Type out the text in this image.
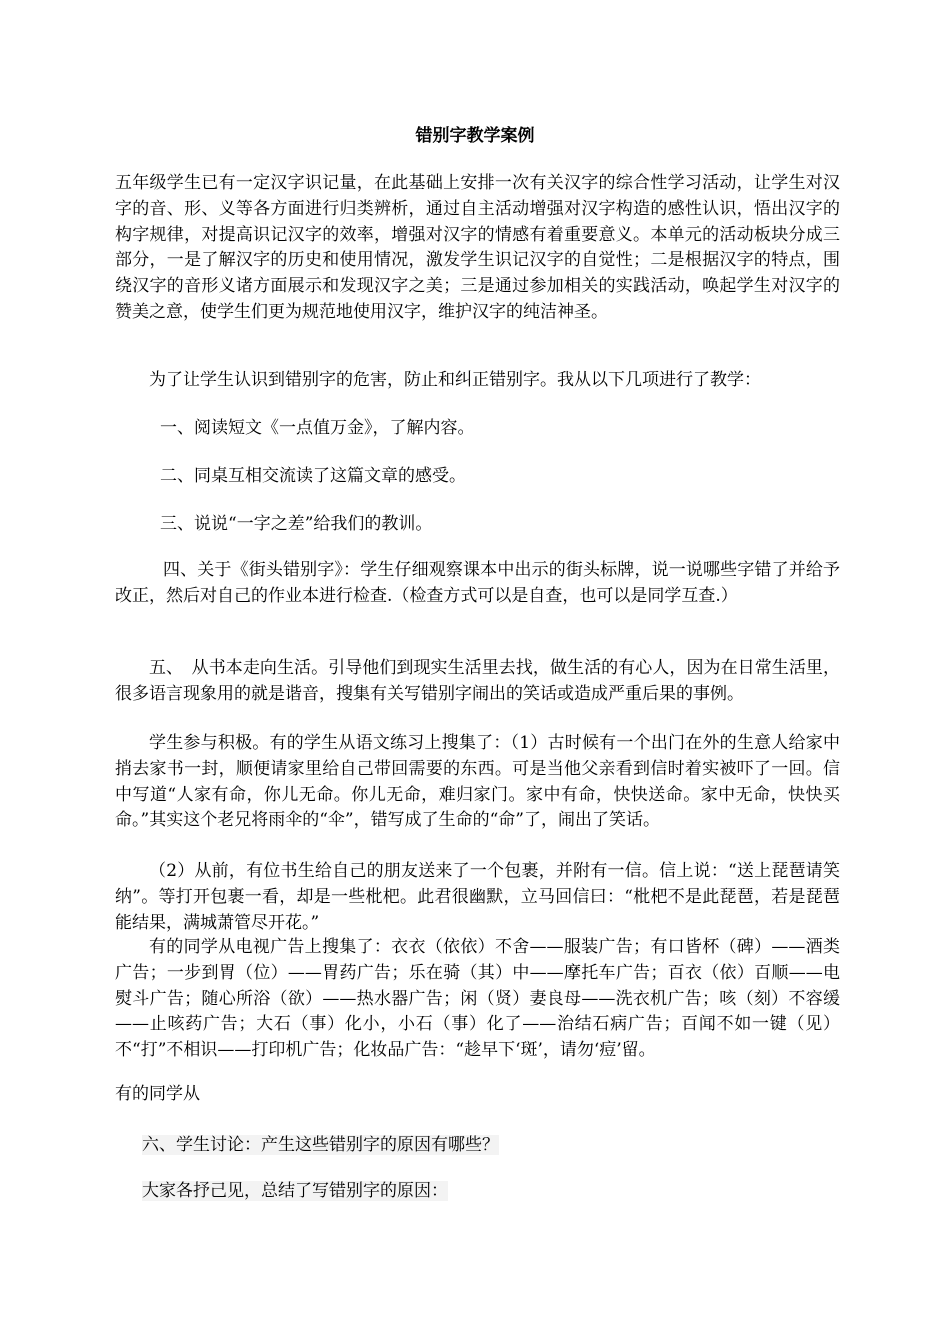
错别字教学案例

五年级学生已有一定汉字识记量，在此基础上安排一次有关汉字的综合性学习活动，让学生对汉字的音、形、义等各方面进行归类辨析，通过自主活动增强对汉字构造的感性认识，悟出汉字的构字规律，对提高识记汉字的效率，增强对汉字的情感有着重要意义。本单元的活动板块分成三部分，一是了解汉字的历史和使用情况，激发学生识记汉字的自觉性；二是根据汉字的特点，围绕汉字的音形义诸方面展示和发现汉字之美；三是通过参加相关的实践活动，唤起学生对汉字的赞美之意，使学生们更为规范地使用汉字，维护汉字的纯洁神圣。

为了让学生认识到错别字的危害，防止和纠正错别字。我从以下几项进行了教学：

一、阅读短文《一点值万金》，了解内容。

二、同桌互相交流读了这篇文章的感受。

三、说说“一字之差”给我们的教训。

四、关于《街头错别字》：学生仔细观察课本中出示的街头标牌，说一说哪些字错了并给予改正，然后对自己的作业本进行检查.（检查方式可以是自查，也可以是同学互查.）

五、　从书本走向生活。引导他们到现实生活里去找，做生活的有心人，因为在日常生活里，很多语言现象用的就是谐音，搜集有关写错别字闹出的笑话或造成严重后果的事例。

学生参与积极。有的学生从语文练习上搜集了：（1）古时候有一个出门在外的生意人给家中捎去家书一封，顺便请家里给自己带回需要的东西。可是当他父亲看到信时着实被吓了一回。信中写道“人家有命，你儿无命。你儿无命，难归家门。家中有命，快快送命。家中无命，快快买命。”其实这个老兄将雨伞的“伞”，错写成了生命的“命”了，闹出了笑话。

（2）从前，有位书生给自己的朋友送来了一个包裹，并附有一信。信上说：“送上琵琶请笑纳”。等打开包裹一看，却是一些枇杷。此君很幽默，立马回信曰：“枇杷不是此琵琶，若是琵琶能结果，满城萧管尽开花。”

有的同学从电视广告上搜集了：衣衣（依依）不舍——服装广告；有口皆杯（碑）——酒类广告；一步到胃（位）——胃药广告；乐在骑（其）中——摩托车广告；百衣（依）百顺——电熨斗广告；随心所浴（欲）——热水器广告；闲（贤）妻良母——洗衣机广告；咳（刻）不容缓——止咳药广告；大石（事）化小，小石（事）化了——治结石病广告；百闻不如一键（见）不“打”不相识——打印机广告；化妆品广告：“趁早下‘斑’，请勿‘痘’留。

有的同学从

六、学生讨论：产生这些错别字的原因有哪些？

大家各抒己见，总结了写错别字的原因：
